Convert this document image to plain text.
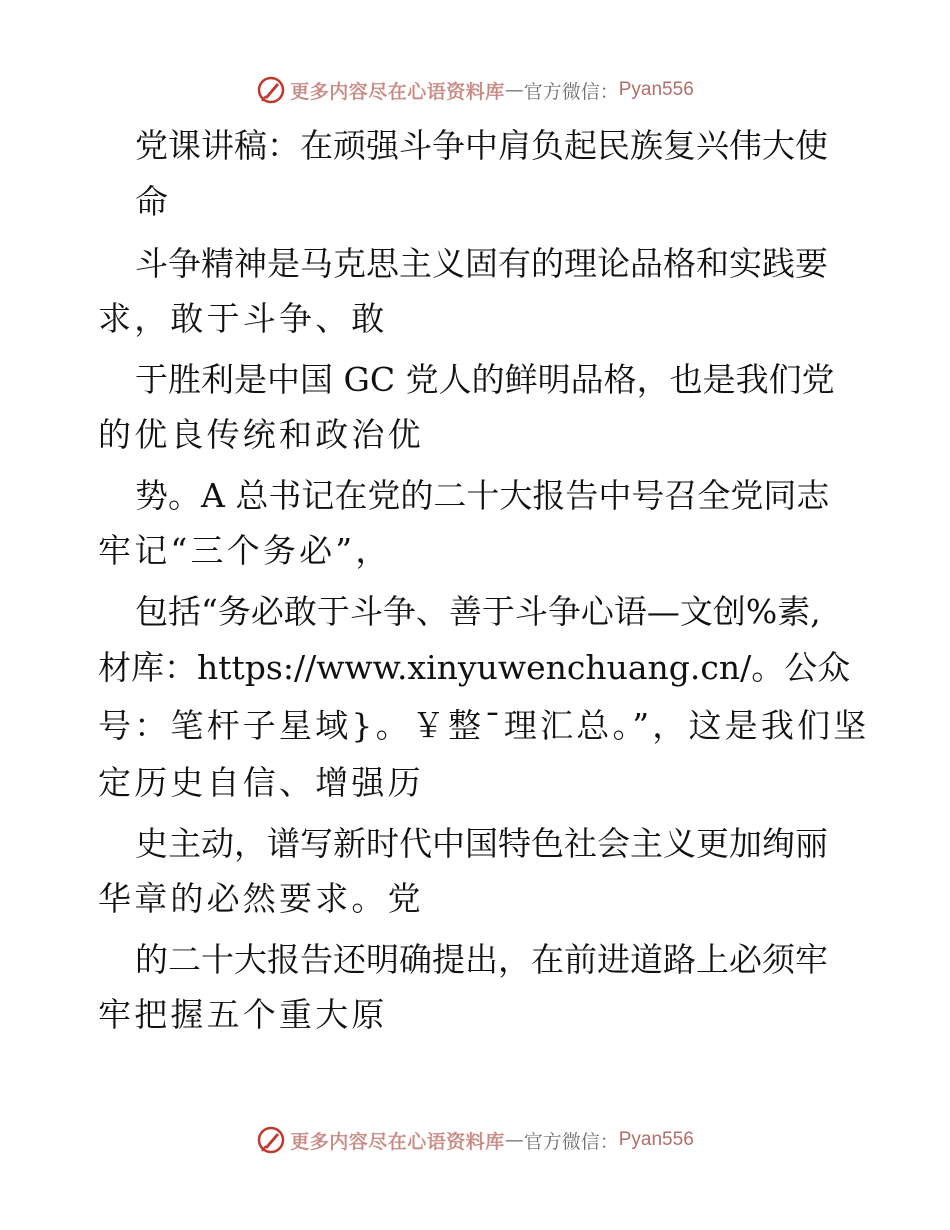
更多内容尽在心语资料库 — 官方微信： Pyan556
党课讲稿：在顽强斗争中肩负起民族复兴伟大使
命
斗争精神是马克思主义固有的理论品格和实践要
求，敢于斗争、敢
于胜利是中国 GC 党人的鲜明品格，也是我们党
的优良传统和政治优
势。A 总书记在党的二十大报告中号召全党同志
牢记“三个务必”，
包括“务必敢于斗争、善于斗争心语—文创%素,
材库：https://www.xinyuwenchuang.cn/。公众
号：笔杆子星域}。￥整¯理汇总。”，这是我们坚
定历史自信、增强历
史主动，谱写新时代中国特色社会主义更加绚丽
华章的必然要求。党
的二十大报告还明确提出，在前进道路上必须牢
牢把握五个重大原
更多内容尽在心语资料库 — 官方微信： Pyan556
